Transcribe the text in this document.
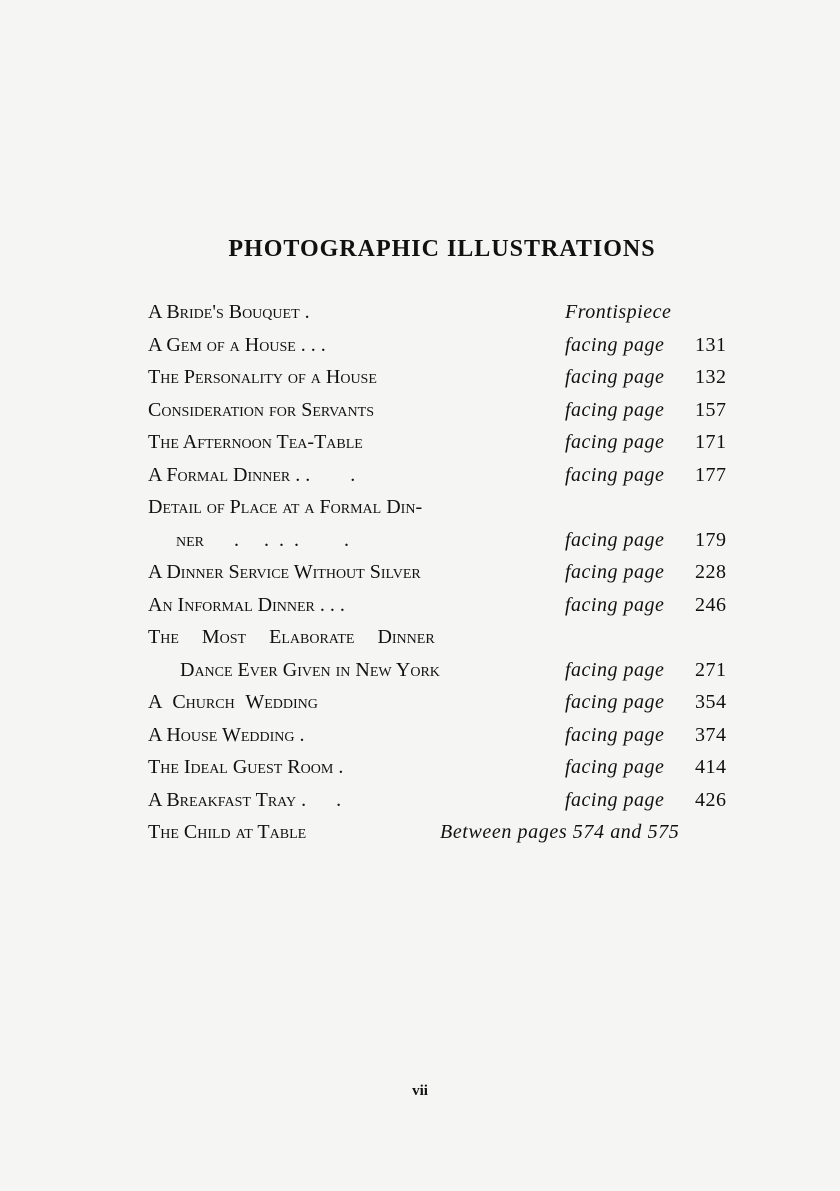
PHOTOGRAPHIC ILLUSTRATIONS
A Bride's Bouquet .	Frontispiece
A Gem of a House . . .	facing page 131
The Personality of a House	facing page 132
Consideration for Servants	facing page 157
The Afternoon Tea-Table	facing page 171
A Formal Dinner . .        .	facing page 177
Detail of Place at a Formal Din-
ner      .     .  .  .         .	facing page 179
A Dinner Service Without Silver	facing page 228
An Informal Dinner . . .	facing page 246
The Most Elaborate Dinner
Dance Ever Given in New York	facing page 271
A Church Wedding	facing page 354
A House Wedding .	facing page 374
The Ideal Guest Room .	facing page 414
A Breakfast Tray .      .	facing page 426
The Child at Table	Between pages 574 and 575
vii
